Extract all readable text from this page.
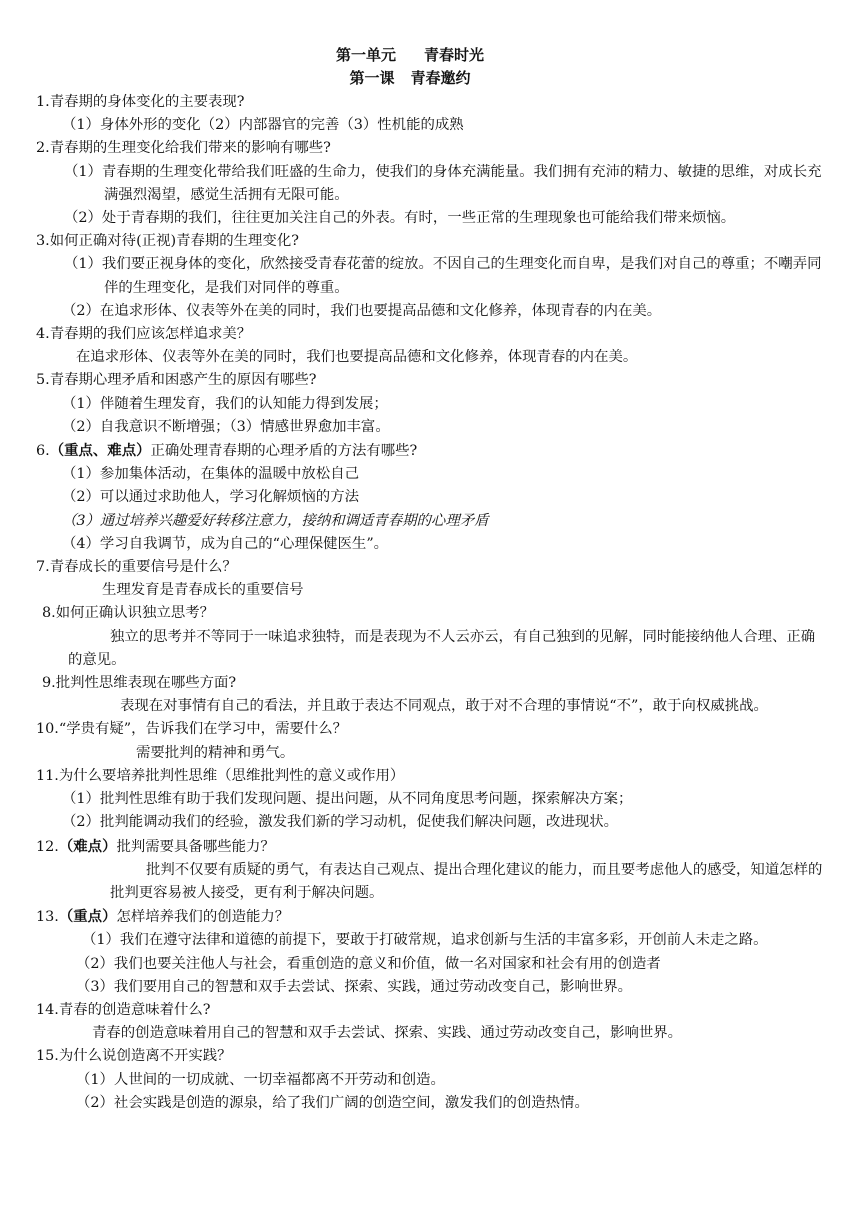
第一单元 青春时光
第一课 青春邀约
1.青春期的身体变化的主要表现?
（1）身体外形的变化（2）内部器官的完善（3）性机能的成熟
2.青春期的生理变化给我们带来的影响有哪些?
（1）青春期的生理变化带给我们旺盛的生命力，使我们的身体充满能量。我们拥有充沛的精力、敏捷的思维，对成长充满强烈渴望，感觉生活拥有无限可能。
（2）处于青春期的我们，往往更加关注自己的外表。有时，一些正常的生理现象也可能给我们带来烦恼。
3.如何正确对待(正视)青春期的生理变化?
（1）我们要正视身体的变化，欣然接受青春花蕾的绽放。不因自己的生理变化而自卑，是我们对自己的尊重；不嘲弄同伴的生理变化，是我们对同伴的尊重。
（2）在追求形体、仪表等外在美的同时，我们也要提高品德和文化修养，体现青春的内在美。
4.青春期的我们应该怎样追求美？
在追求形体、仪表等外在美的同时，我们也要提高品德和文化修养，体现青春的内在美。
5.青春期心理矛盾和困惑产生的原因有哪些?
（1）伴随着生理发育，我们的认知能力得到发展；
（2）自我意识不断增强；（3）情感世界愈加丰富。
6.（重点、难点）正确处理青春期的心理矛盾的方法有哪些?
（1）参加集体活动，在集体的温暖中放松自己
（2）可以通过求助他人，学习化解烦恼的方法
（3）通过培养兴趣爱好转移注意力，接纳和调适青春期的心理矛盾
（4）学习自我调节，成为自己的“心理保健医生”。
7.青春成长的重要信号是什么？
生理发育是青春成长的重要信号
8.如何正确认识独立思考？
独立的思考并不等同于一味追求独特，而是表现为不人云亦云，有自己独到的见解，同时能接纳他人合理、正确的意见。
9.批判性思维表现在哪些方面?
表现在对事情有自己的看法，并且敢于表达不同观点，敢于对不合理的事情说“不”，敢于向权威挑战。
10.“学贵有疑”，告诉我们在学习中，需要什么？
需要批判的精神和勇气。
11.为什么要培养批判性思维（思维批判性的意义或作用）
（1）批判性思维有助于我们发现问题、提出问题，从不同角度思考问题，探索解决方案；
（2）批判能调动我们的经验，激发我们新的学习动机，促使我们解决问题，改进现状。
12.（难点）批判需要具备哪些能力？
批判不仅要有质疑的勇气，有表达自己观点、提出合理化建议的能力，而且要考虑他人的感受，知道怎样的批判更容易被人接受，更有利于解决问题。
13.（重点）怎样培养我们的创造能力？
（1）我们在遵守法律和道德的前提下，要敢于打破常规，追求创新与生活的丰富多彩，开创前人未走之路。
（2）我们也要关注他人与社会，看重创造的意义和价值，做一名对国家和社会有用的创造者
（3）我们要用自己的智慧和双手去尝试、探索、实践，通过劳动改变自己，影响世界。
14.青春的创造意味着什么?
青春的创造意味着用自己的智慧和双手去尝试、探索、实践、通过劳动改变自己，影响世界。
15.为什么说创造离不开实践？
（1）人世间的一切成就、一切幸福都离不开劳动和创造。
（2）社会实践是创造的源泉，给了我们广阔的创造空间，激发我们的创造热情。
